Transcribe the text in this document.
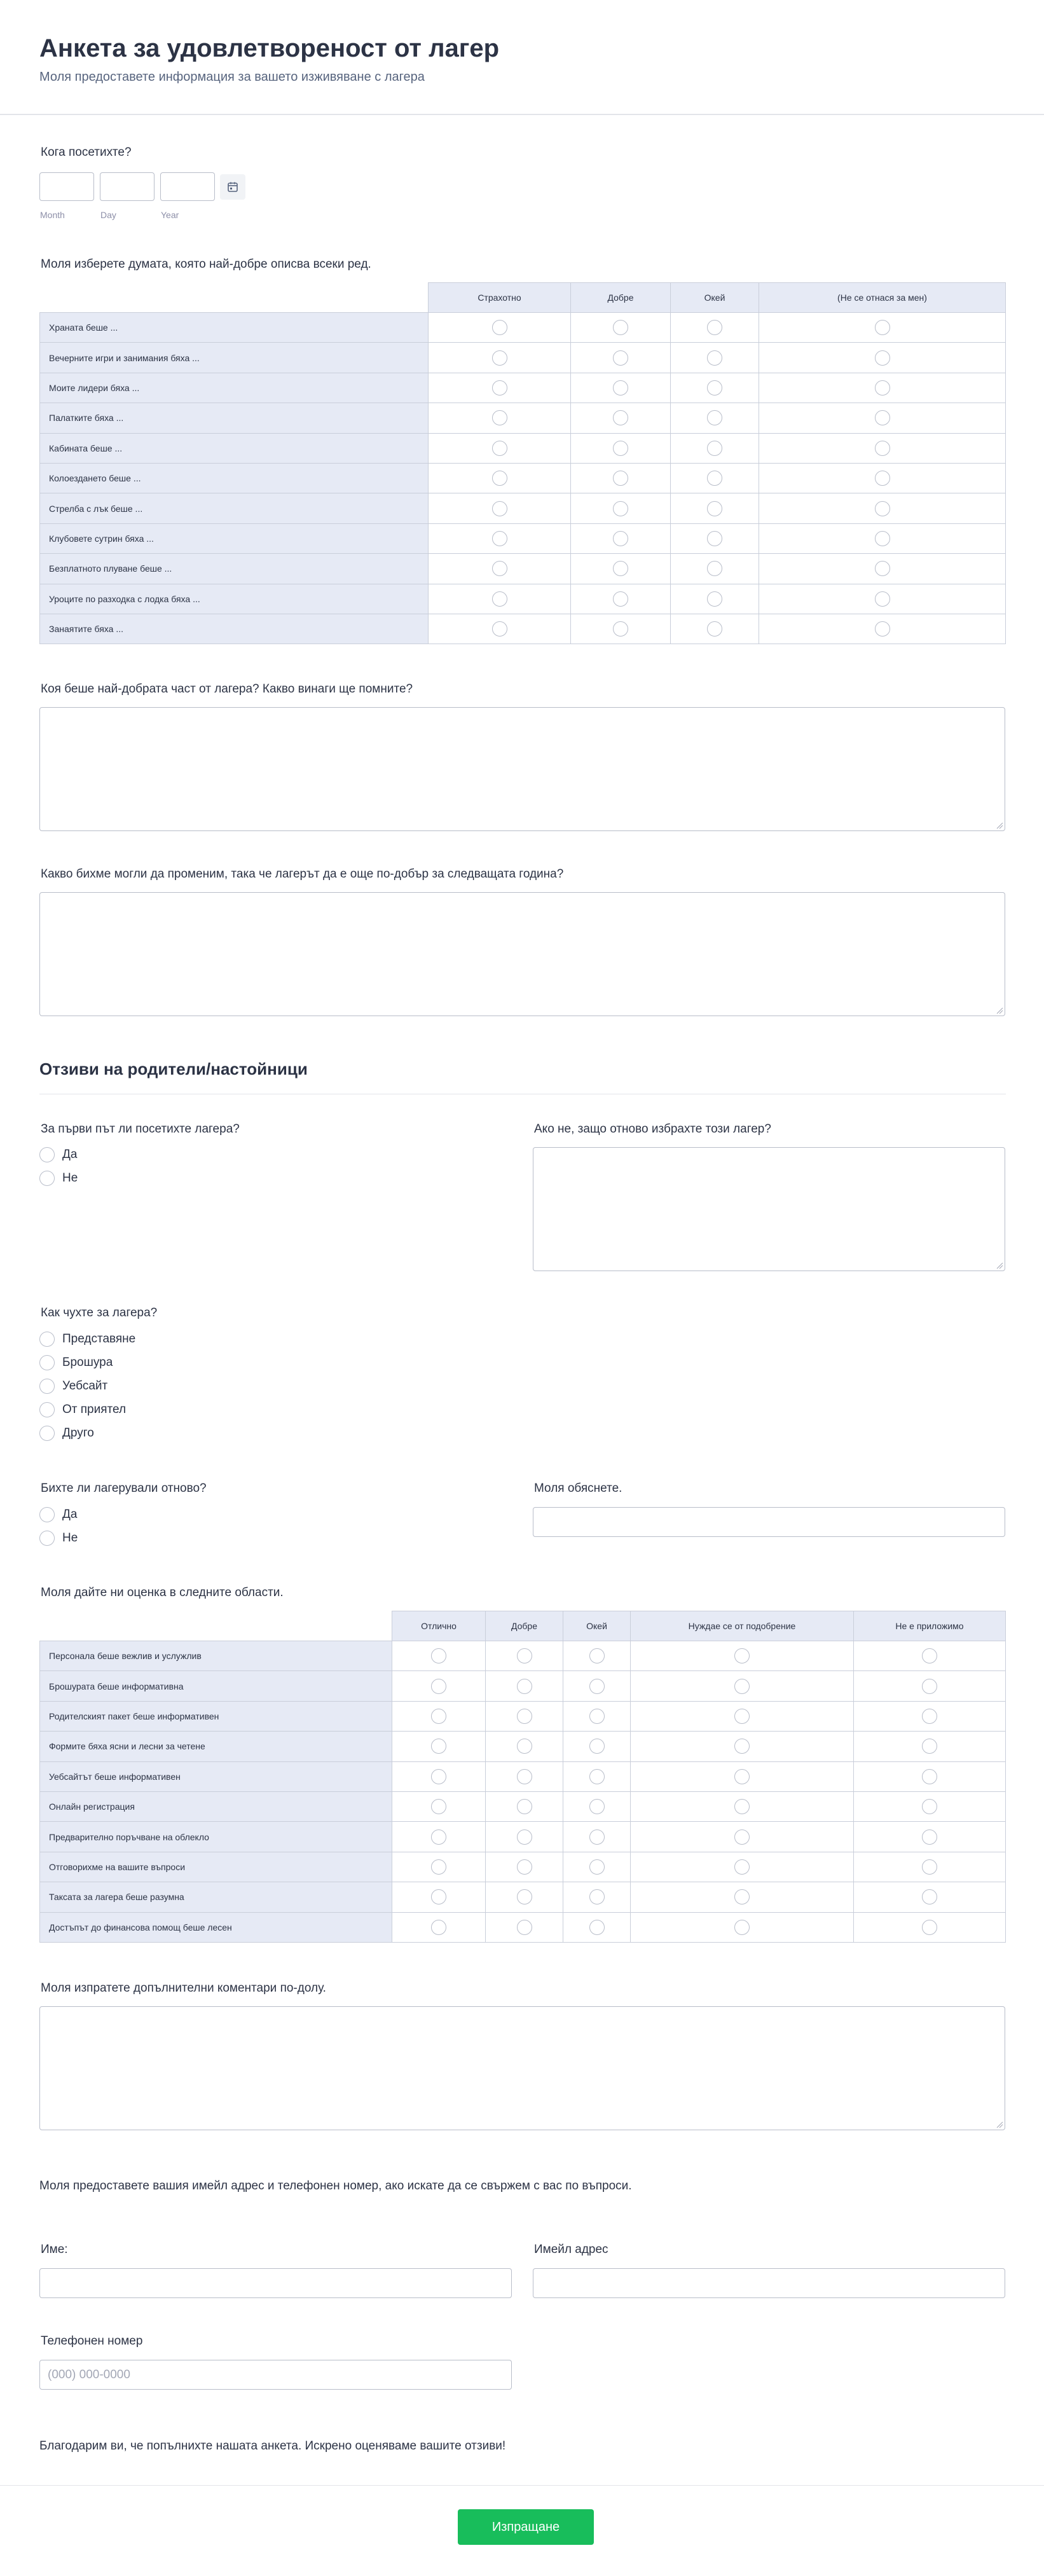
Анкета за удовлетвореност от лагер

Моля предоставете информация за вашето изживяване с лагера

Кога посетихте?
Month	Day	Year
Моля изберете думата, която най-добре описва всеки ред.
	Страхотно	Добре	Окей	(Не се отнася за мен)
Храната беше ...				
Вечерните игри и занимания бяха ...				
Моите лидери бяха ...				
Палатките бяха ...				
Кабината беше ...				
Колоездането беше ...				
Стрелба с лък беше ...				
Клубовете сутрин бяха ...				
Безплатното плуване беше ...				
Уроците по разходка с лодка бяха ...				
Занаятите бяха ...				
Коя беше най-добрата част от лагера? Какво винаги ще помните?
Какво бихме могли да променим, така че лагерът да е още по-добър за следващата година?
Отзиви на родители/настойници
За първи път ли посетихте лагера?
Да
Не
Ако не, защо отново избрахте този лагер?
Как чухте за лагера?
Представяне
Брошура
Уебсайт
От приятел
Друго
Бихте ли лагерували отново?
Да
Не
Моля обяснете.
Моля дайте ни оценка в следните области.
	Отлично	Добре	Окей	Нуждае се от подобрение	Не е приложимо
Персонала беше вежлив и услужлив					
Брошурата беше информативна					
Родителският пакет беше информативен					
Формите бяха ясни и лесни за четене					
Уебсайтът беше информативен					
Онлайн регистрация					
Предварително поръчване на облекло					
Отговорихме на вашите въпроси					
Таксата за лагера беше разумна					
Достъпът до финансова помощ беше лесен					
Моля изпратете допълнителни коментари по-долу.
Моля предоставете вашия имейл адрес и телефонен номер, ако искате да се свържем с вас по въпроси.
Име:	Имейл адрес
Телефонен номер
(000) 000-0000
Благодарим ви, че попълнихте нашата анкета. Искрено оценяваме вашите отзиви!
Изпращане
